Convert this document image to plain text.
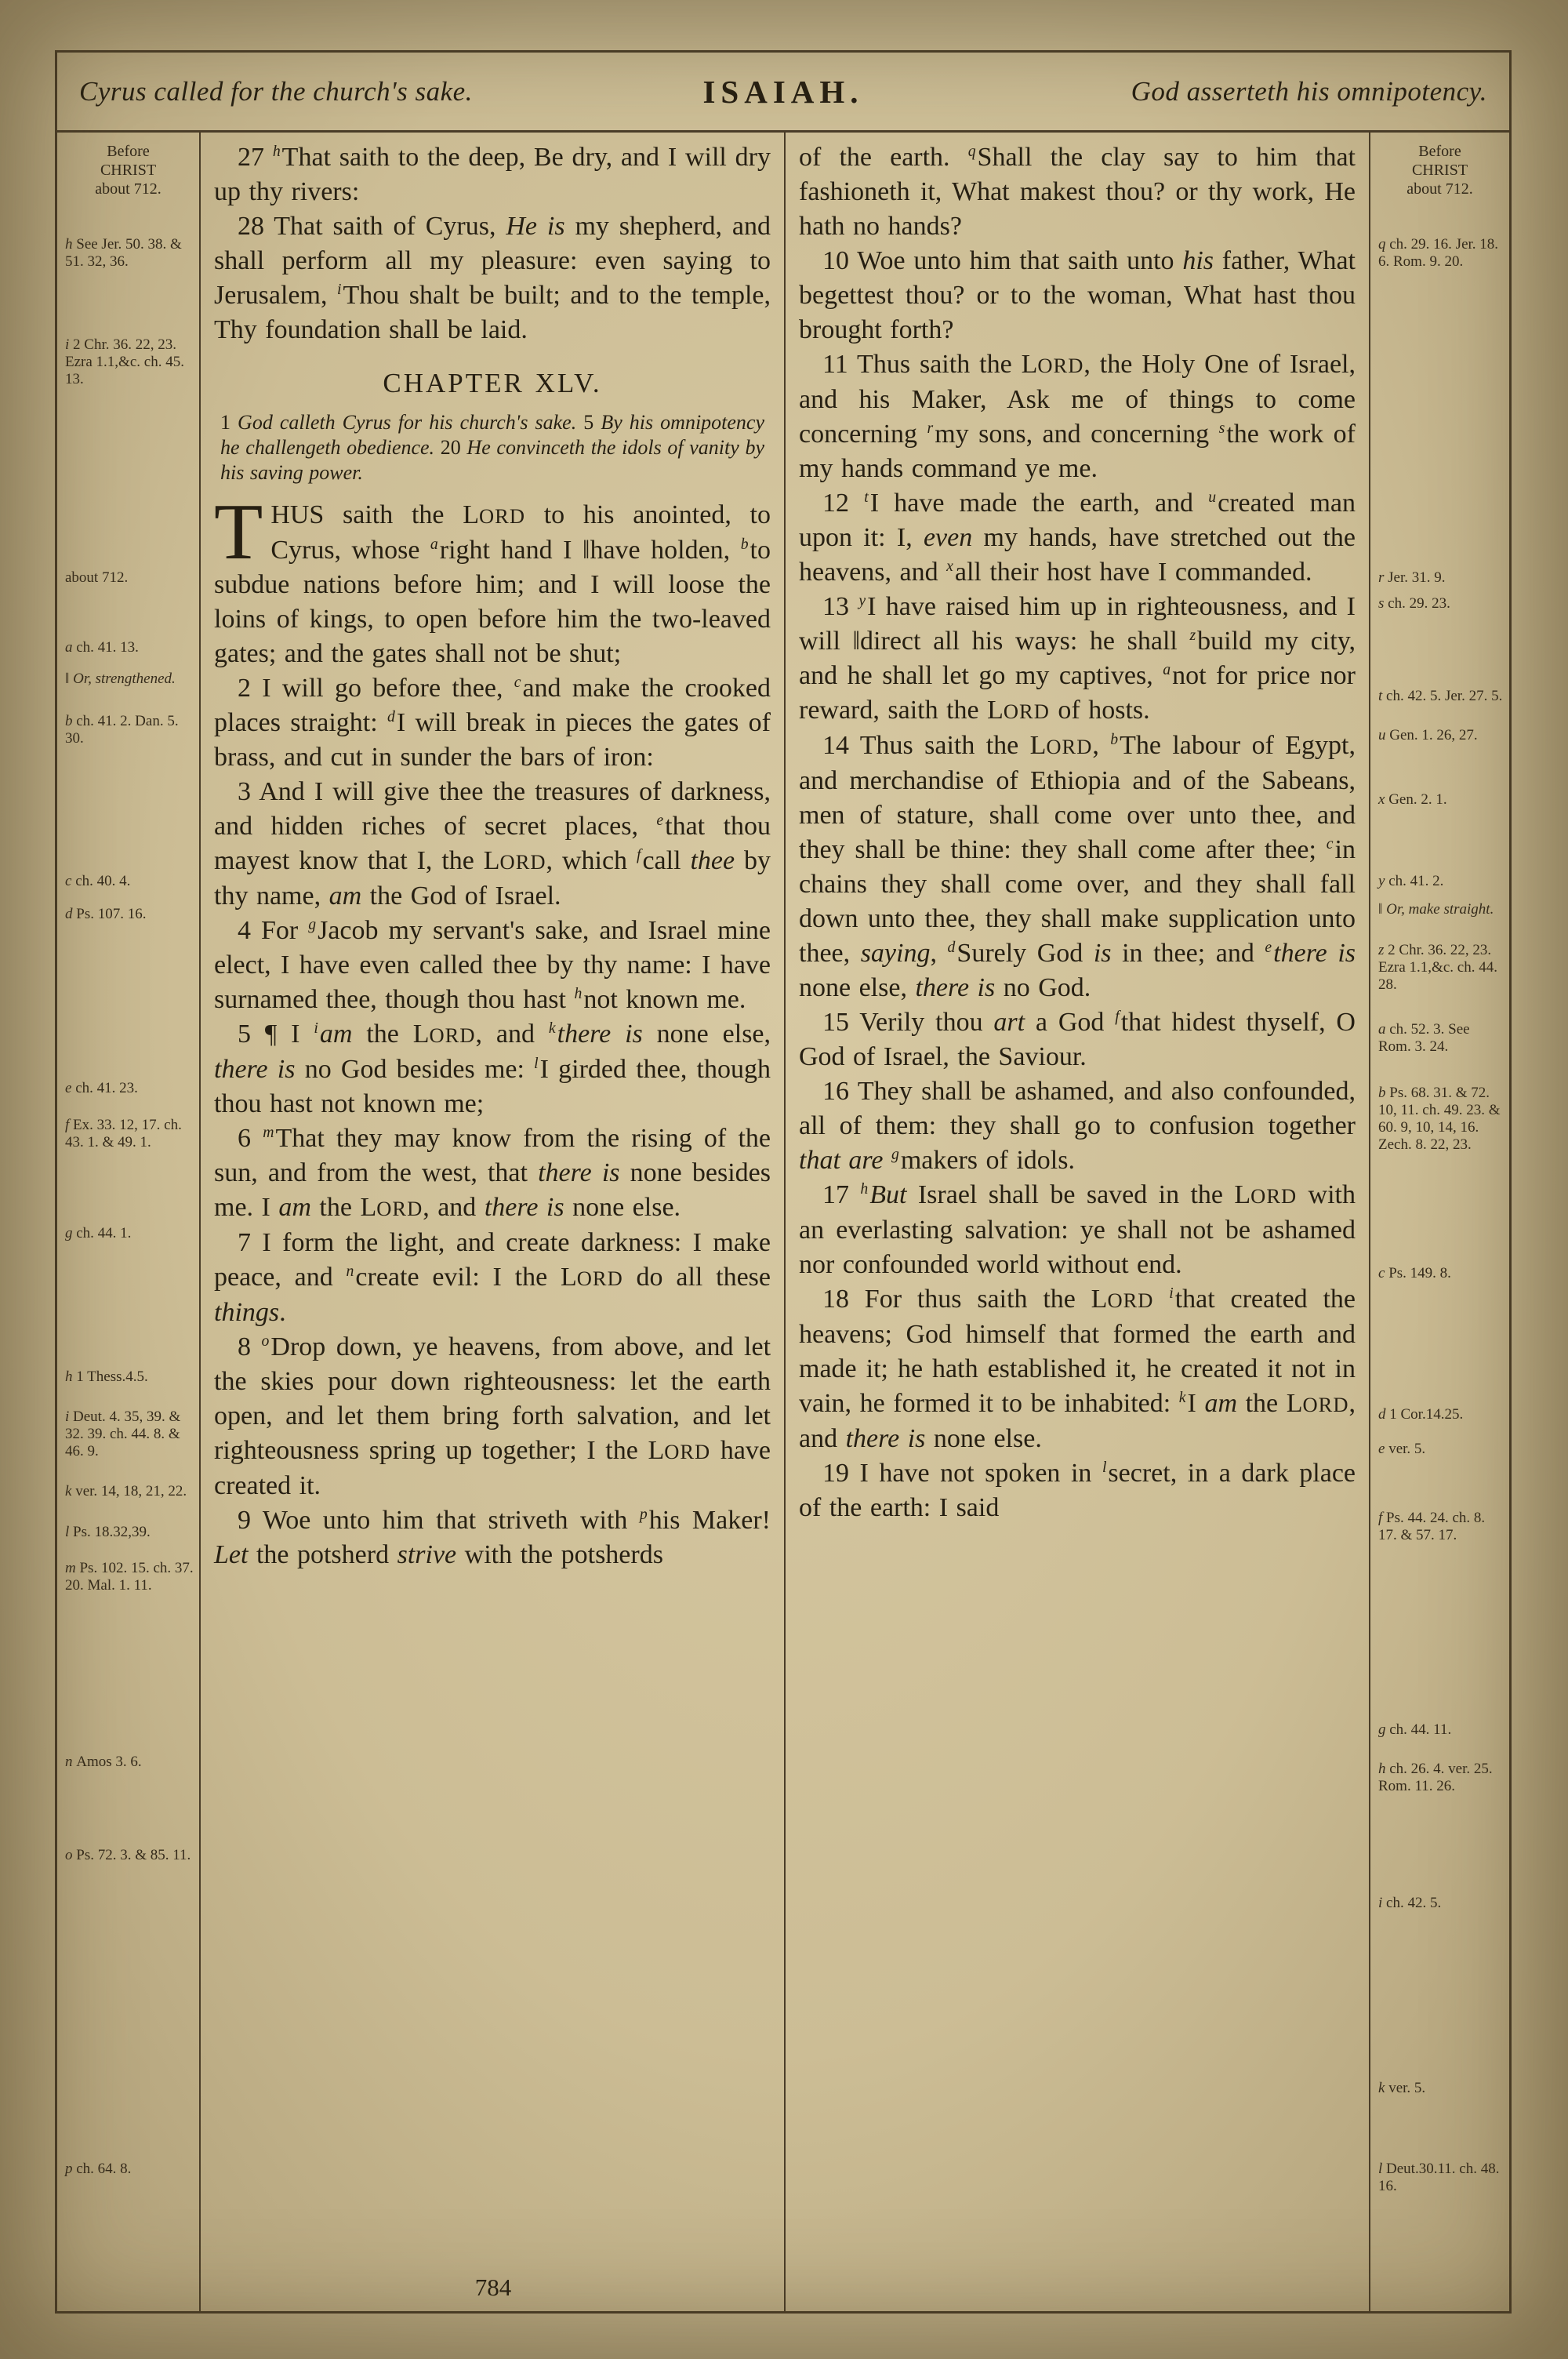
Cyrus called for the church's sake.	ISAIAH.	God asserteth his omnipotency.
Before
CHRIST
about 712.
h See Jer. 50. 38. & 51. 32, 36.
i 2 Chr. 36. 22, 23. Ezra 1.1,&c. ch. 45. 13.
about 712.
a ch. 41. 13.
‖ Or, strengthened.
b ch. 41. 2. Dan. 5. 30.
c ch. 40. 4.
d Ps. 107. 16.
e ch. 41. 23.
f Ex. 33. 12, 17. ch. 43. 1. & 49. 1.
g ch. 44. 1.
h 1 Thess.4.5.
i Deut. 4. 35, 39. & 32. 39. ch. 44. 8. & 46. 9.
k ver. 14, 18, 21, 22.
l Ps. 18.32,39.
m Ps. 102. 15. ch. 37. 20. Mal. 1. 11.
n Amos 3. 6.
o Ps. 72. 3. & 85. 11.
p ch. 64. 8.
27 $^h$That saith to the deep, Be dry, and I will dry up thy rivers:
28 That saith of Cyrus, He is my shepherd, and shall perform all my pleasure: even saying to Jerusalem, $^i$Thou shalt be built; and to the temple, Thy foundation shall be laid.
CHAPTER XLV.
1 God calleth Cyrus for his church's sake. 5 By his omnipotency he challengeth obedience. 20 He convinceth the idols of vanity by his saving power.
THUS saith the LORD to his anointed, to Cyrus, whose $^a$right hand I ‖have holden, $^b$to subdue nations before him; and I will loose the loins of kings, to open before him the two-leaved gates; and the gates shall not be shut;
2 I will go before thee, $^c$and make the crooked places straight: $^d$I will break in pieces the gates of brass, and cut in sunder the bars of iron:
3 And I will give thee the treasures of darkness, and hidden riches of secret places, $^e$that thou mayest know that I, the LORD, which $^f$call thee by thy name, am the God of Israel.
4 For $^g$Jacob my servant's sake, and Israel mine elect, I have even called thee by thy name: I have surnamed thee, though thou hast $^h$not known me.
5 ¶ I $^i$am the LORD, and $^k$there is none else, there is no God besides me: $^l$I girded thee, though thou hast not known me;
6 $^m$That they may know from the rising of the sun, and from the west, that there is none besides me. I am the LORD, and there is none else.
7 I form the light, and create darkness: I make peace, and $^n$create evil: I the LORD do all these things.
8 $^o$Drop down, ye heavens, from above, and let the skies pour down righteousness: let the earth open, and let them bring forth salvation, and let righteousness spring up together; I the LORD have created it.
9 Woe unto him that striveth with $^p$his Maker! Let the potsherd strive with the potsherds
of the earth. $^q$Shall the clay say to him that fashioneth it, What makest thou? or thy work, He hath no hands?
10 Woe unto him that saith unto his father, What begettest thou? or to the woman, What hast thou brought forth?
11 Thus saith the LORD, the Holy One of Israel, and his Maker, Ask me of things to come concerning $^r$my sons, and concerning $^s$the work of my hands command ye me.
12 $^t$I have made the earth, and $^u$created man upon it: I, even my hands, have stretched out the heavens, and $^x$all their host have I commanded.
13 $^y$I have raised him up in righteousness, and I will ‖direct all his ways: he shall $^z$build my city, and he shall let go my captives, $^a$not for price nor reward, saith the LORD of hosts.
14 Thus saith the LORD, $^b$The labour of Egypt, and merchandise of Ethiopia and of the Sabeans, men of stature, shall come over unto thee, and they shall be thine: they shall come after thee; $^c$in chains they shall come over, and they shall fall down unto thee, they shall make supplication unto thee, saying, $^d$Surely God is in thee; and $^e$there is none else, there is no God.
15 Verily thou art a God $^f$that hidest thyself, O God of Israel, the Saviour.
16 They shall be ashamed, and also confounded, all of them: they shall go to confusion together that are $^g$makers of idols.
17 $^h$But Israel shall be saved in the LORD with an everlasting salvation: ye shall not be ashamed nor confounded world without end.
18 For thus saith the LORD $^i$that created the heavens; God himself that formed the earth and made it; he hath established it, he created it not in vain, he formed it to be inhabited: $^k$I am the LORD, and there is none else.
19 I have not spoken in $^l$secret, in a dark place of the earth: I said
Before
CHRIST
about 712.
q ch. 29. 16. Jer. 18. 6. Rom. 9. 20.
r Jer. 31. 9.
s ch. 29. 23.
t ch. 42. 5. Jer. 27. 5.
u Gen. 1. 26, 27.
x Gen. 2. 1.
y ch. 41. 2.
‖ Or, make straight.
z 2 Chr. 36. 22, 23. Ezra 1.1,&c. ch. 44. 28.
a ch. 52. 3. See Rom. 3. 24.
b Ps. 68. 31. & 72. 10, 11. ch. 49. 23. & 60. 9, 10, 14, 16. Zech. 8. 22, 23.
c Ps. 149. 8.
d 1 Cor.14.25.
e ver. 5.
f Ps. 44. 24. ch. 8. 17. & 57. 17.
g ch. 44. 11.
h ch. 26. 4. ver. 25. Rom. 11. 26.
i ch. 42. 5.
k ver. 5.
l Deut.30.11. ch. 48. 16.
784
